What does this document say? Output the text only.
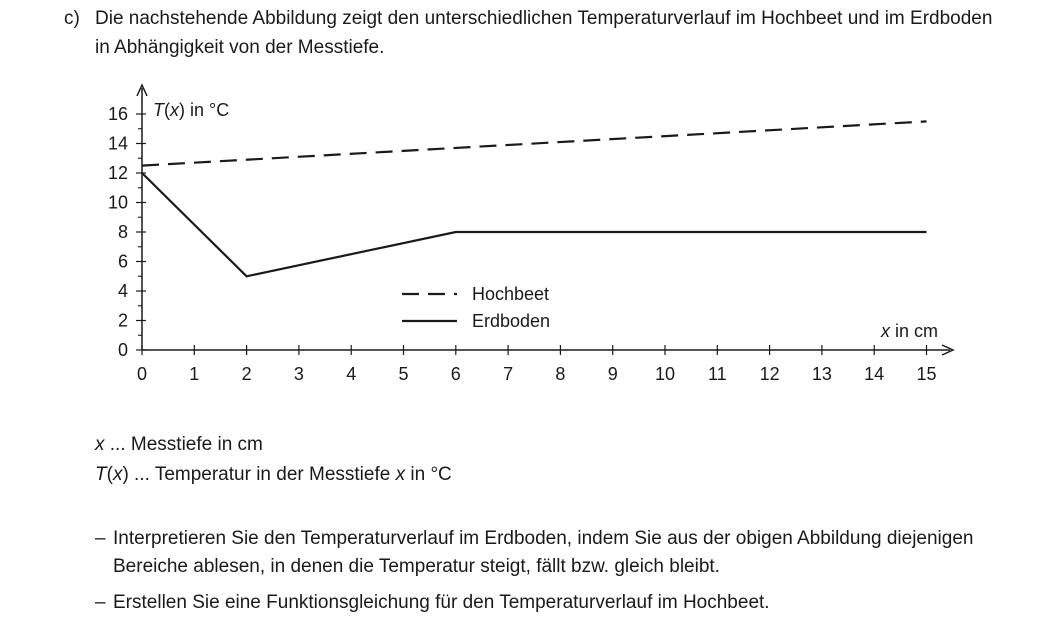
c) Die nachstehende Abbildung zeigt den unterschiedlichen Temperaturverlauf im Hochbeet und im Erdboden in Abhängigkeit von der Messtiefe.
0 1 2 3 4 5 6 7 8 9 10 11 12 13 14 15
0
2
4
6
8
10
12
14
16
Hochbeet
Erdboden
T(x) in °C
x in cm
x ... Messtiefe in cm
T(x) ... Temperatur in der Messtiefe x in °C
– Interpretieren Sie den Temperaturverlauf im Erdboden, indem Sie aus der obigen Abbildung diejenigen Bereiche ablesen, in denen die Temperatur steigt, fällt bzw. gleich bleibt.
– Erstellen Sie eine Funktionsgleichung für den Temperaturverlauf im Hochbeet.
